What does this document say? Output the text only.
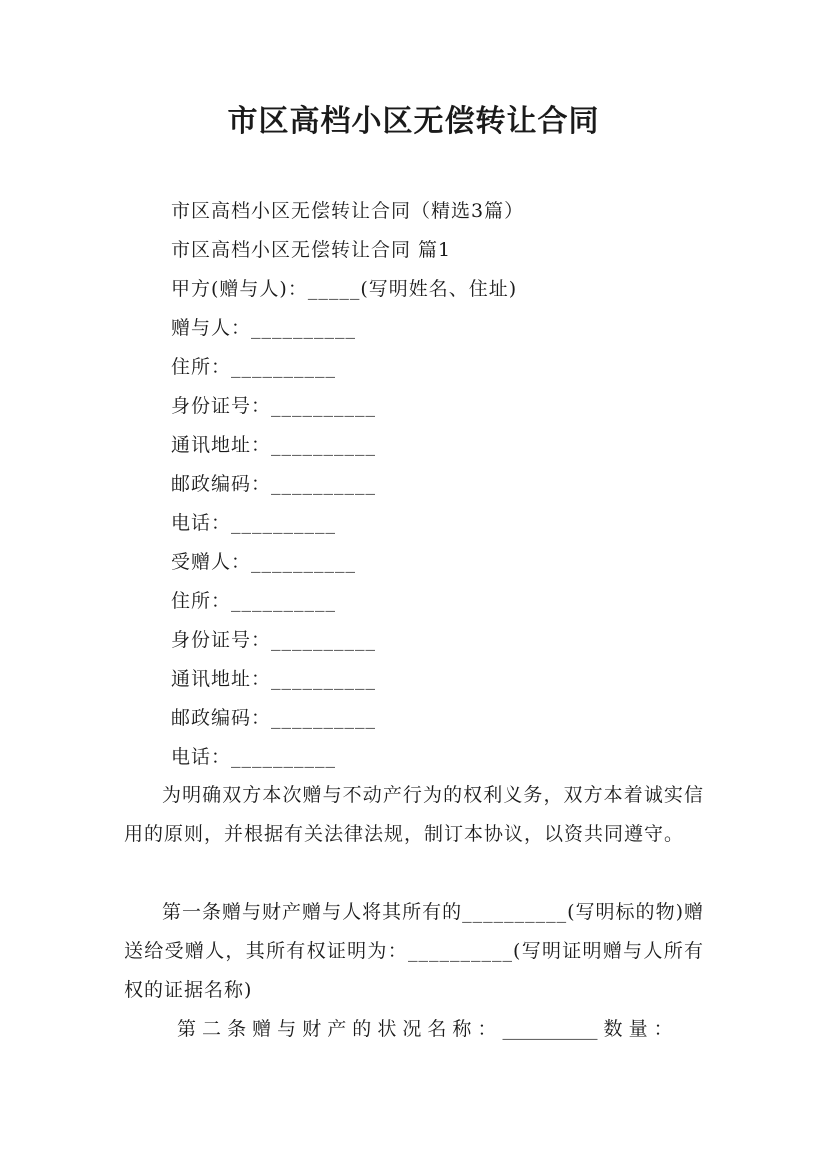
市区高档小区无偿转让合同
市区高档小区无偿转让合同（精选3篇）
市区高档小区无偿转让合同 篇1
甲方(赠与人)：_____(写明姓名、住址)
赠与人：__________
住所：__________
身份证号：__________
通讯地址：__________
邮政编码：__________
电话：__________
受赠人：__________
住所：__________
身份证号：__________
通讯地址：__________
邮政编码：__________
电话：__________
为明确双方本次赠与不动产行为的权利义务，双方本着诚实信用的原则，并根据有关法律法规，制订本协议，以资共同遵守。
第一条赠与财产赠与人将其所有的__________(写明标的物)赠送给受赠人，其所有权证明为：__________(写明证明赠与人所有权的证据名称)
第 二 条 赠 与 财 产 的 状 况 名 称 ： __________ 数 量 ：
